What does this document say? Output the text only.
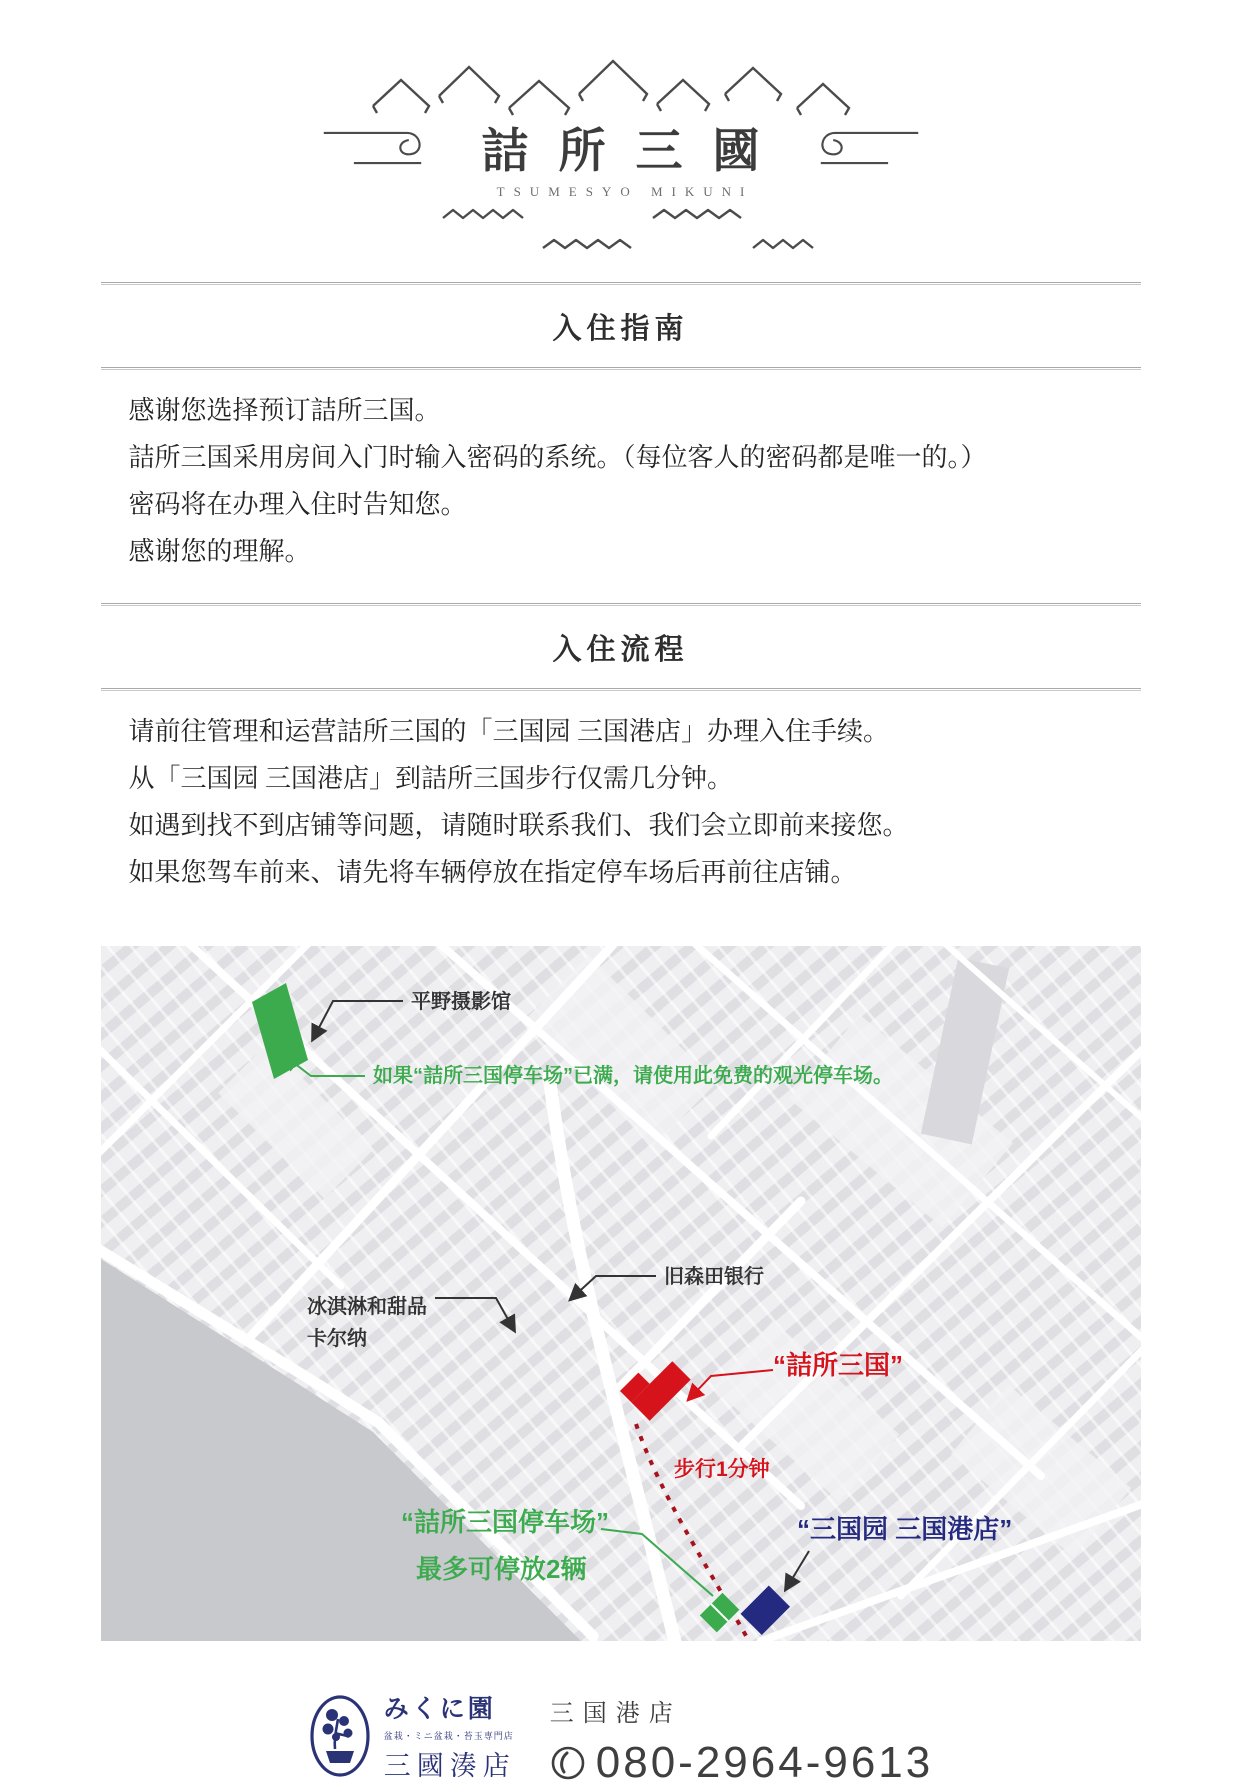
詰所三國
TSUMESYO MIKUNI
入住指南

感谢您选择预订詰所三国。

詰所三国采用房间入门时输入密码的系统。（每位客人的密码都是唯一的。）

密码将在办理入住时告知您。

感谢您的理解。

入住流程

请前往管理和运营詰所三国的「三国园 三国港店」办理入住手续。

从「三国园 三国港店」到詰所三国步行仅需几分钟。

如遇到找不到店铺等问题，请随时联系我们、我们会立即前来接您。

如果您驾车前来、请先将车辆停放在指定停车场后再前往店铺。

平野摄影馆
如果“詰所三国停车场”已满，请使用此免费的观光停车场。
冰淇淋和甜品
卡尔纳
旧森田银行
“詰所三国”
步行1分钟
“詰所三国停车场”
最多可停放2辆
“三国园 三国港店”
みくに園
盆栽・ミニ盆栽・苔玉専門店
三國湊店
三国港店
080-2964-9613
